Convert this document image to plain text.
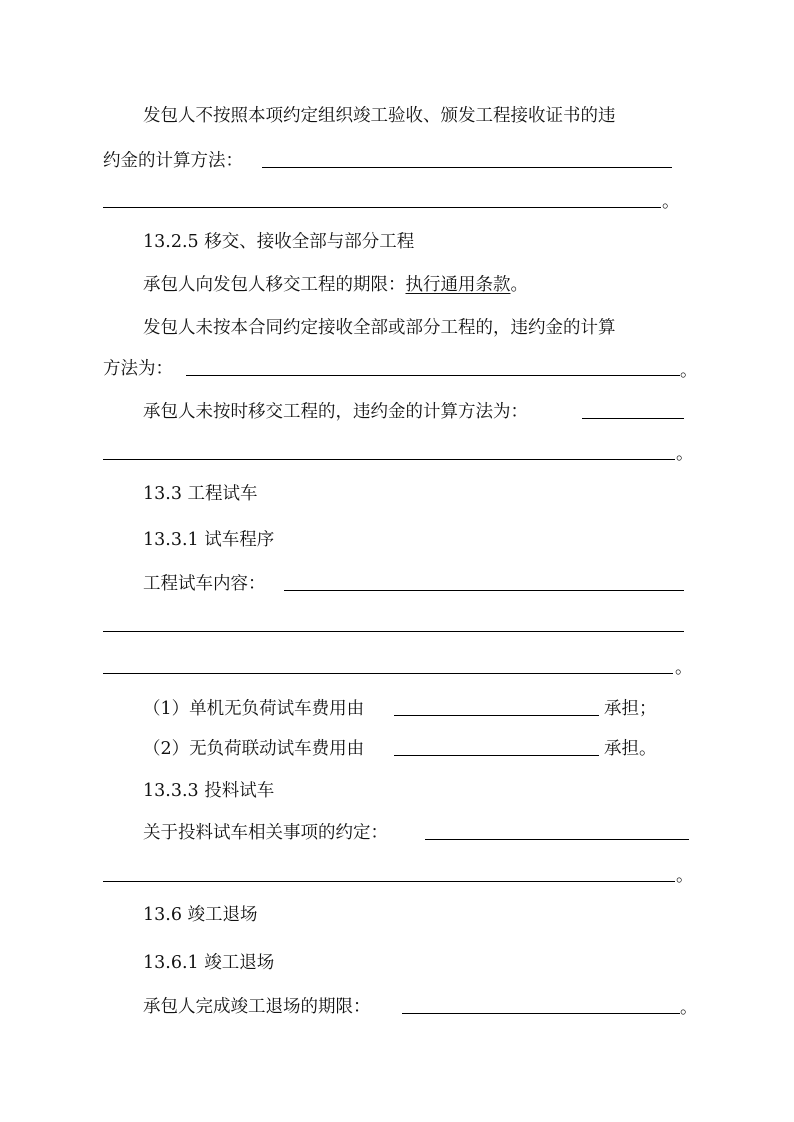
发包人不按照本项约定组织竣工验收、颁发工程接收证书的违
约金的计算方法：
。
13.2.5 移交、接收全部与部分工程
承包人向发包人移交工程的期限：执行通用条款。
发包人未按本合同约定接收全部或部分工程的，违约金的计算
方法为：	。
承包人未按时移交工程的，违约金的计算方法为：
。
13.3 工程试车
13.3.1 试车程序
工程试车内容：
。
（1）单机无负荷试车费用由	承担；
（2）无负荷联动试车费用由	承担。
13.3.3 投料试车
关于投料试车相关事项的约定：
。
13.6 竣工退场
13.6.1 竣工退场
承包人完成竣工退场的期限：	。
